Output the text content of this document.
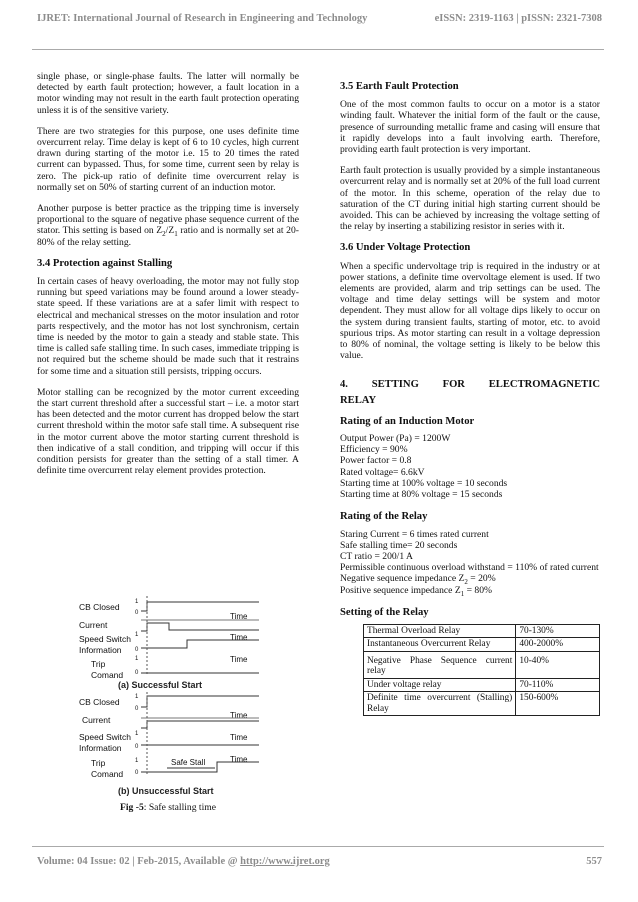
IJRET: International Journal of Research in Engineering and Technology	eISSN: 2319-1163 | pISSN: 2321-7308

single phase, or single-phase faults. The latter will normally be detected by earth fault protection; however, a fault location in a motor winding may not result in the earth fault protection operating unless it is of the sensitive variety.

There are two strategies for this purpose, one uses definite time overcurrent relay. Time delay is kept of 6 to 10 cycles, high current drawn during starting of the motor i.e. 15 to 20 times the rated current can bypassed. Thus, for some time, current seen by relay is zero. The pick-up ratio of definite time overcurrent relay is normally set on 50% of starting current of an induction motor.

Another purpose is better practice as the tripping time is inversely proportional to the square of negative phase sequence current of the stator. This setting is based on $Z_2/Z_1$ ratio and is normally set at 20-80% of the relay setting.

3.4 Protection against Stalling

In certain cases of heavy overloading, the motor may not fully stop running but speed variations may be found around a lower steady-state speed. If these variations are at a safer limit with respect to electrical and mechanical stresses on the motor insulation and rotor parts respectively, and the motor has not lost synchronism, certain time is needed by the motor to gain a steady and stable state. This time is called safe stalling time. In such cases, immediate tripping is not required but the scheme should be made such that it restrains for some time and a situation still persists, tripping occurs.

Motor stalling can be recognized by the motor current exceeding the start current threshold after a successful start – i.e. a motor start has been detected and the motor current has dropped below the start current threshold within the motor safe stall time. A subsequent rise in the motor current above the motor starting current threshold is then indicative of a stall condition, and tripping will occur if this condition persists for greater than the setting of a stall timer. A definite time overcurrent relay element provides protection.

CB Closed
Current
Speed Switch
Information
Trip
Comand
1
0
1
0
1
0
Time
Time
Time
(a) Successful Start
CB Closed
Current
Speed Switch
Information
Trip
Comand
1
0
1
0
1
0
Time
Time
Time
Safe Stall
(b) Unsuccessful Start
Fig -5: Safe stalling time
3.5 Earth Fault Protection

One of the most common faults to occur on a motor is a stator winding fault. Whatever the initial form of the fault or the cause, presence of surrounding metallic frame and casing will ensure that it rapidly develops into a fault involving earth. Therefore, providing earth fault protection is very important.

Earth fault protection is usually provided by a simple instantaneous overcurrent relay and is normally set at 20% of the full load current of the motor. In this scheme, operation of the relay due to saturation of the CT during initial high starting current should be avoided. This can be achieved by increasing the voltage setting of the relay by inserting a stabilizing resistor in series with it.

3.6 Under Voltage Protection

When a specific undervoltage trip is required in the industry or at power stations, a definite time overvoltage element is used. If two elements are provided, alarm and trip settings can be used. The voltage and time delay settings will be system and motor dependent. They must allow for all voltage dips likely to occur on the system during transient faults, starting of motor, etc. to avoid spurious trips. As motor starting can result in a voltage depression to 80% of nominal, the voltage setting is likely to be below this value.

4. SETTING FOR ELECTROMAGNETIC
RELAY
Rating of an Induction Motor
Output Power (Pa) = 1200W
Efficiency = 90%
Power factor = 0.8
Rated voltage= 6.6kV
Starting time at 100% voltage = 10 seconds
Starting time at 80% voltage = 15 seconds
Rating of the Relay
Staring Current = 6 times rated current
Safe stalling time= 20 seconds
CT ratio = 200/1 A
Permissible continuous overload withstand = 110% of rated current
Negative sequence impedance $Z_2 = 20\%$
Positive sequence impedance $Z_1 = 80\%$
Setting of the Relay
Thermal Overload Relay	70-130%
Instantaneous Overcurrent Relay	400-2000%
Negative Phase Sequence current relay	10-40%
Under voltage relay	70-110%
Definite time overcurrent (Stalling) Relay	150-600%
Volume: 04 Issue: 02 | Feb-2015, Available @ http://www.ijret.org	557
